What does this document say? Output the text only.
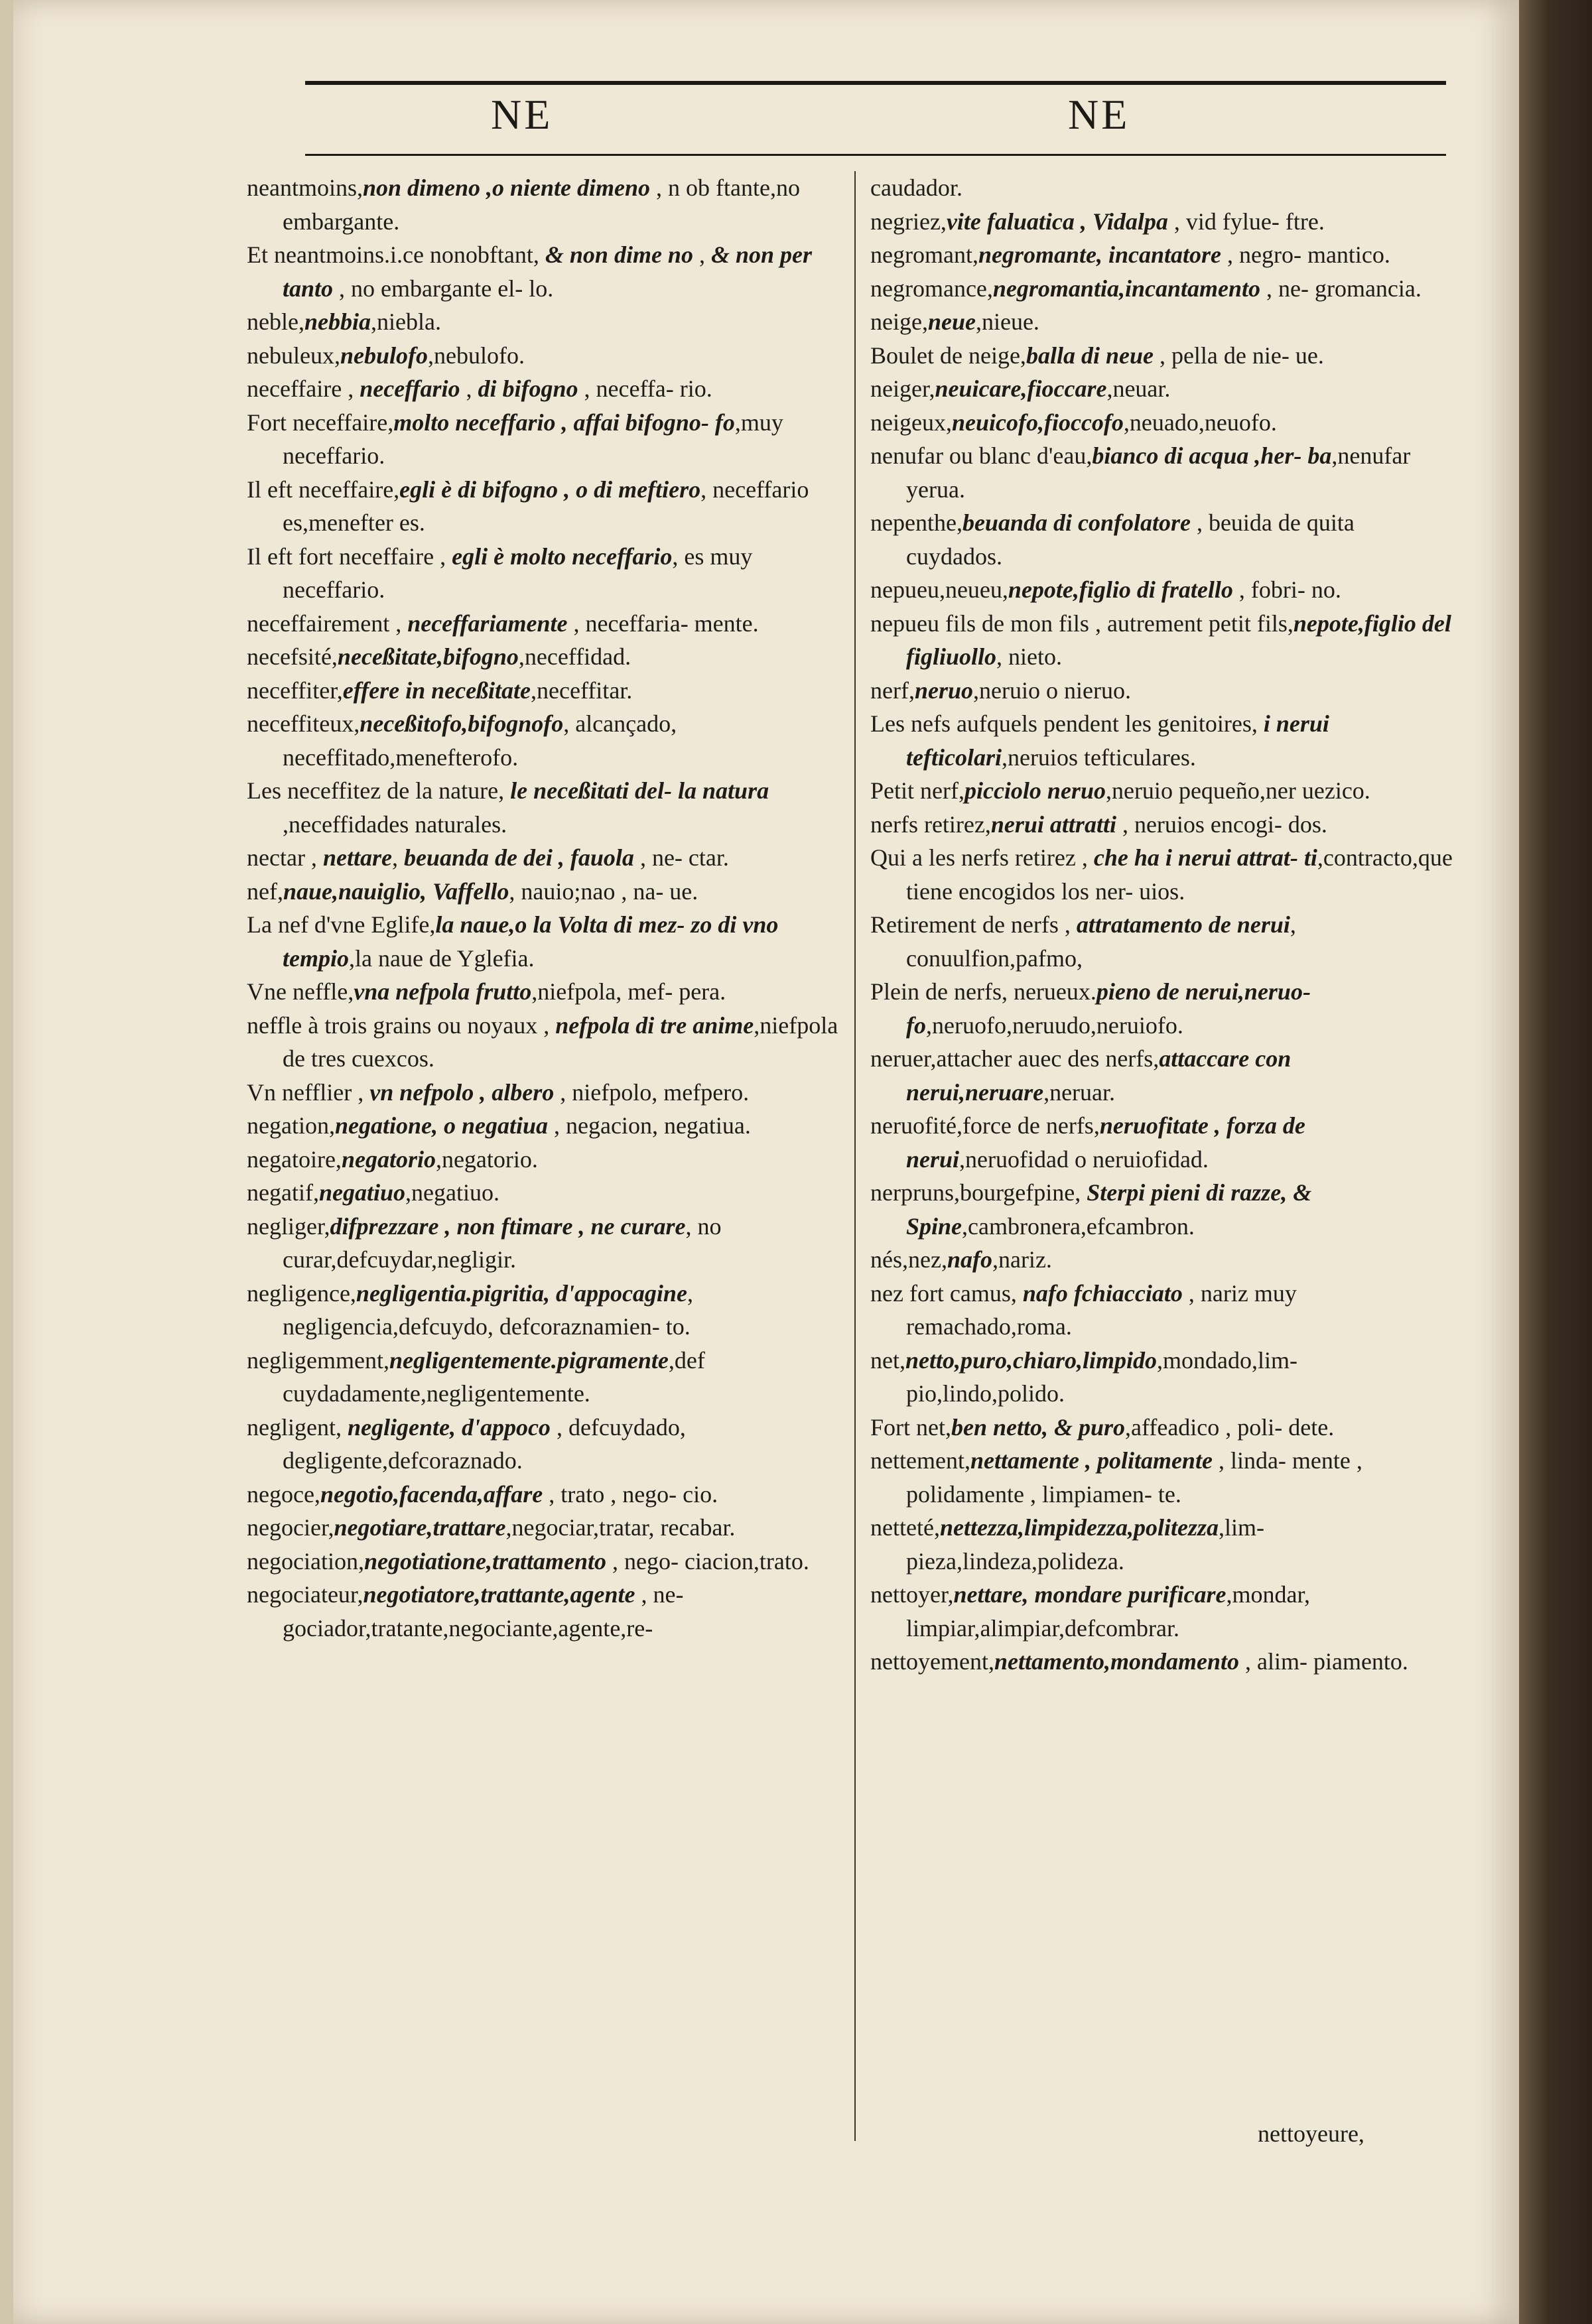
NE	NE

neantmoins,non dimeno ,o niente dimeno , n ob ftante,no embargante.

Et neantmoins.i.ce nonobftant, & non dime no , & non per tanto , no embargante el- lo.

neble,nebbia,niebla.

nebuleux,nebulofo,nebulofo.

neceffaire , neceffario , di bifogno , neceffa- rio.

Fort neceffaire,molto neceffario , affai bifogno- fo,muy neceffario.

Il eft neceffaire,egli è di bifogno , o di meftiero, neceffario es,menefter es.

Il eft fort neceffaire , egli è molto neceffario, es muy neceffario.

neceffairement , neceffariamente , neceffaria- mente.

necefsité,neceßitate,bifogno,neceffidad.

neceffiter,effere in neceßitate,neceffitar.

neceffiteux,neceßitofo,bifognofo, alcançado, neceffitado,menefterofo.

Les neceffitez de la nature, le neceßitati del- la natura ,neceffidades naturales.

nectar , nettare, beuanda de dei , fauola , ne- ctar.

nef,naue,nauiglio, Vaffello, nauio;nao , na- ue.

La nef d'vne Eglife,la naue,o la Volta di mez- zo di vno tempio,la naue de Yglefia.

Vne neffle,vna nefpola frutto,niefpola, mef- pera.

neffle à trois grains ou noyaux , nefpola di tre anime,niefpola de tres cuexcos.

Vn nefflier , vn nefpolo , albero , niefpolo, mefpero.

negation,negatione, o negatiua , negacion, negatiua.

negatoire,negatorio,negatorio.

negatif,negatiuo,negatiuo.

negliger,difprezzare , non ftimare , ne curare, no curar,defcuydar,negligir.

negligence,negligentia.pigritia, d'appocagine, negligencia,defcuydo, defcoraznamien- to.

negligemment,negligentemente.pigramente,def cuydadamente,negligentemente.

negligent, negligente, d'appoco , defcuydado, degligente,defcoraznado.

negoce,negotio,facenda,affare , trato , nego- cio.

negocier,negotiare,trattare,negociar,tratar, recabar.

negociation,negotiatione,trattamento , nego- ciacion,trato.

negociateur,negotiatore,trattante,agente , ne- gociador,tratante,negociante,agente,re-

caudador.

negriez,vite faluatica , Vidalpa , vid fylue- ftre.

negromant,negromante, incantatore , negro- mantico.

negromance,negromantia,incantamento , ne- gromancia.

neige,neue,nieue.

Boulet de neige,balla di neue , pella de nie- ue.

neiger,neuicare,fioccare,neuar.

neigeux,neuicofo,fioccofo,neuado,neuofo.

nenufar ou blanc d'eau,bianco di acqua ,her- ba,nenufar yerua.

nepenthe,beuanda di confolatore , beuida de quita cuydados.

nepueu,neueu,nepote,figlio di fratello , fobri- no.

nepueu fils de mon fils , autrement petit fils,nepote,figlio del figliuollo, nieto.

nerf,neruo,neruio o nieruo.

Les nefs aufquels pendent les genitoires, i nerui tefticolari,neruios tefticulares.

Petit nerf,picciolo neruo,neruio pequeño,ner uezico.

nerfs retirez,nerui attratti , neruios encogi- dos.

Qui a les nerfs retirez , che ha i nerui attrat- ti,contracto,que tiene encogidos los ner- uios.

Retirement de nerfs , attratamento de nerui, conuulfion,pafmo,

Plein de nerfs, nerueux.pieno de nerui,neruo- fo,neruofo,neruudo,neruiofo.

neruer,attacher auec des nerfs,attaccare con nerui,neruare,neruar.

neruofité,force de nerfs,neruofitate , forza de nerui,neruofidad o neruiofidad.

nerpruns,bourgefpine, Sterpi pieni di razze, & Spine,cambronera,efcambron.

nés,nez,nafo,nariz.

nez fort camus, nafo fchiacciato , nariz muy remachado,roma.

net,netto,puro,chiaro,limpido,mondado,lim- pio,lindo,polido.

Fort net,ben netto, & puro,affeadico , poli- dete.

nettement,nettamente , politamente , linda- mente , polidamente , limpiamen- te.

netteté,nettezza,limpidezza,politezza,lim- pieza,lindeza,polideza.

nettoyer,nettare, mondare purificare,mondar, limpiar,alimpiar,defcombrar.

nettoyement,nettamento,mondamento , alim- piamento.

nettoyeure,
